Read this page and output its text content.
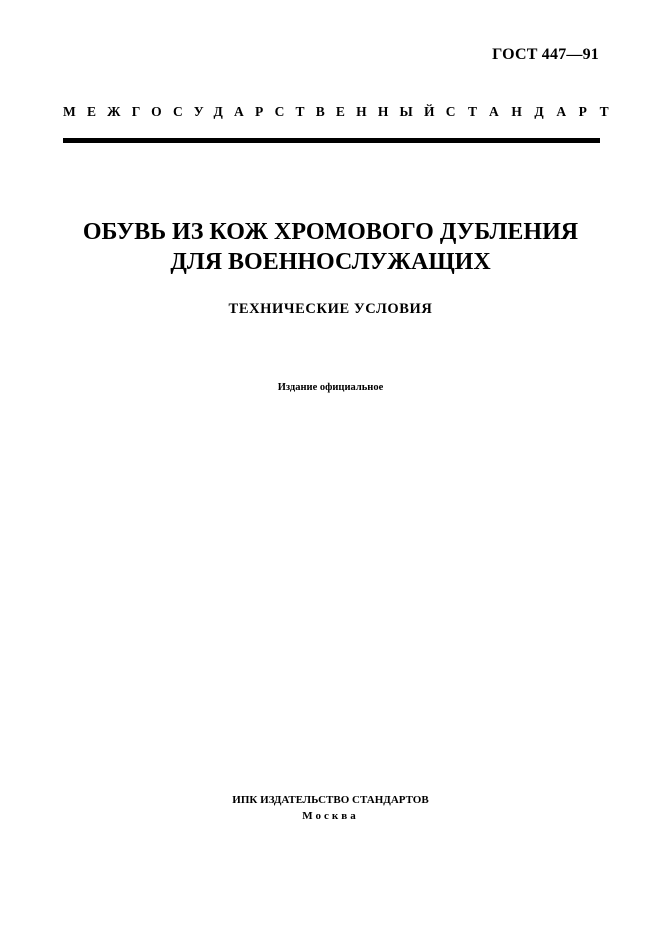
ГОСТ 447—91
МЕЖГОСУДАРСТВЕННЫЙ СТАНДАРТ
ОБУВЬ ИЗ КОЖ ХРОМОВОГО ДУБЛЕНИЯ
ДЛЯ ВОЕННОСЛУЖАЩИХ
ТЕХНИЧЕСКИЕ УСЛОВИЯ
Издание официальное
ИПК ИЗДАТЕЛЬСТВО СТАНДАРТОВ
Москва
